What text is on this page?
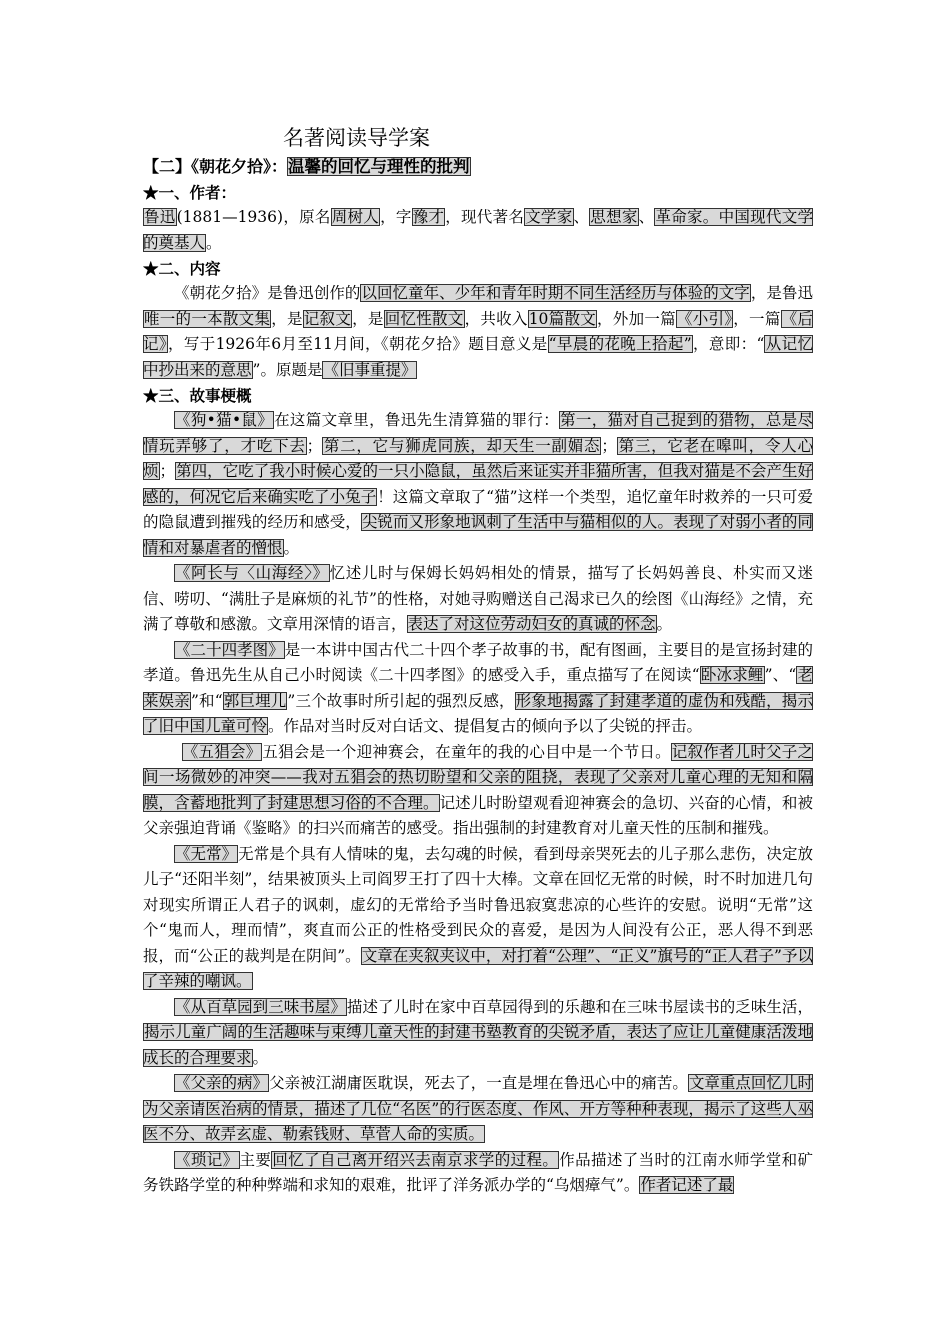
名著阅读导学案
【二】《朝花夕拾》：温馨的回忆与理性的批判
★一、作者：

鲁迅(1881—1936)，原名周树人，字豫才，现代著名文学家、思想家、革命家。中国现代文学的奠基人。

★二、内容

《朝花夕拾》是鲁迅创作的以回忆童年、少年和青年时期不同生活经历与体验的文字，是鲁迅唯一的一本散文集，是记叙文，是回忆性散文，共收入10篇散文，外加一篇《小引》，一篇《后记》，写于1926年6月至11月间，《朝花夕拾》题目意义是“早晨的花晚上拾起”，意即：“从记忆中抄出来的意思”。原题是《旧事重提》

★三、故事梗概

《狗•猫•鼠》在这篇文章里，鲁迅先生清算猫的罪行：第一，猫对自己捉到的猎物，总是尽情玩弄够了，才吃下去；第二，它与狮虎同族，却天生一副媚态；第三，它老在嗥叫，令人心烦；第四，它吃了我小时候心爱的一只小隐鼠，虽然后来证实并非猫所害，但我对猫是不会产生好感的，何况它后来确实吃了小兔子！这篇文章取了“猫”这样一个类型，追忆童年时救养的一只可爱的隐鼠遭到摧残的经历和感受，尖锐而又形象地讽刺了生活中与猫相似的人。表现了对弱小者的同情和对暴虐者的憎恨。

《阿长与〈山海经〉》忆述儿时与保姆长妈妈相处的情景，描写了长妈妈善良、朴实而又迷信、唠叨、“满肚子是麻烦的礼节”的性格，对她寻购赠送自己渴求已久的绘图《山海经》之情，充满了尊敬和感激。文章用深情的语言，表达了对这位劳动妇女的真诚的怀念。

《二十四孝图》是一本讲中国古代二十四个孝子故事的书，配有图画，主要目的是宣扬封建的孝道。鲁迅先生从自己小时阅读《二十四孝图》的感受入手，重点描写了在阅读“卧冰求鲤”、“老莱娱亲”和“郭巨埋儿”三个故事时所引起的强烈反感，形象地揭露了封建孝道的虚伪和残酷，揭示了旧中国儿童可怜。作品对当时反对白话文、提倡复古的倾向予以了尖锐的抨击。

《五猖会》五猖会是一个迎神赛会，在童年的我的心目中是一个节日。记叙作者儿时父子之间一场微妙的冲突——我对五猖会的热切盼望和父亲的阻挠，表现了父亲对儿童心理的无知和隔膜，含蓄地批判了封建思想习俗的不合理。记述儿时盼望观看迎神赛会的急切、兴奋的心情，和被父亲强迫背诵《鉴略》的扫兴而痛苦的感受。指出强制的封建教育对儿童天性的压制和摧残。

《无常》无常是个具有人情味的鬼，去勾魂的时候，看到母亲哭死去的儿子那么悲伤，决定放儿子“还阳半刻”，结果被顶头上司阎罗王打了四十大棒。文章在回忆无常的时候，时不时加进几句对现实所谓正人君子的讽刺，虚幻的无常给予当时鲁迅寂寞悲凉的心些许的安慰。说明“无常”这个“鬼而人，理而情”，爽直而公正的性格受到民众的喜爱，是因为人间没有公正，恶人得不到恶报，而“公正的裁判是在阴间”。文章在夹叙夹议中，对打着“公理”、“正义”旗号的“正人君子”予以了辛辣的嘲讽。

《从百草园到三味书屋》描述了儿时在家中百草园得到的乐趣和在三味书屋读书的乏味生活，揭示儿童广阔的生活趣味与束缚儿童天性的封建书塾教育的尖锐矛盾，表达了应让儿童健康活泼地成长的合理要求。

《父亲的病》父亲被江湖庸医耽误，死去了，一直是埋在鲁迅心中的痛苦。文章重点回忆儿时为父亲请医治病的情景，描述了几位“名医”的行医态度、作风、开方等种种表现，揭示了这些人巫医不分、故弄玄虚、勒索钱财、草菅人命的实质。

《琐记》主要回忆了自己离开绍兴去南京求学的过程。作品描述了当时的江南水师学堂和矿务铁路学堂的种种弊端和求知的艰难，批评了洋务派办学的“乌烟瘴气”。作者记述了最
